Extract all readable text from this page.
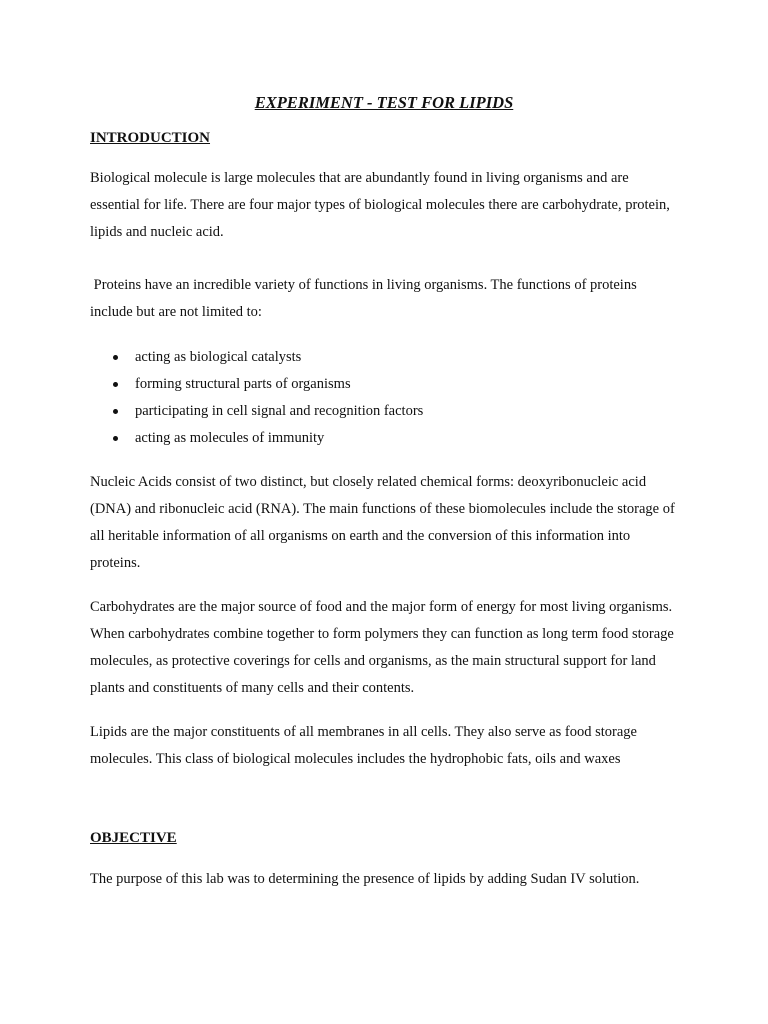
EXPERIMENT - TEST FOR LIPIDS
INTRODUCTION

Biological molecule is large molecules that are abundantly found in living organisms and are essential for life. There are four major types of biological molecules there are carbohydrate, protein, lipids and nucleic acid.

Proteins have an incredible variety of functions in living organisms. The functions of proteins include but are not limited to:

acting as biological catalysts
forming structural parts of organisms
participating in cell signal and recognition factors
acting as molecules of immunity

Nucleic Acids consist of two distinct, but closely related chemical forms: deoxyribonucleic acid (DNA) and ribonucleic acid (RNA). The main functions of these biomolecules include the storage of all heritable information of all organisms on earth and the conversion of this information into proteins.

Carbohydrates are the major source of food and the major form of energy for most living organisms. When carbohydrates combine together to form polymers they can function as long term food storage molecules, as protective coverings for cells and organisms, as the main structural support for land plants and constituents of many cells and their contents.

Lipids are the major constituents of all membranes in all cells. They also serve as food storage molecules. This class of biological molecules includes the hydrophobic fats, oils and waxes

OBJECTIVE

The purpose of this lab was to determining the presence of lipids by adding Sudan IV solution.
